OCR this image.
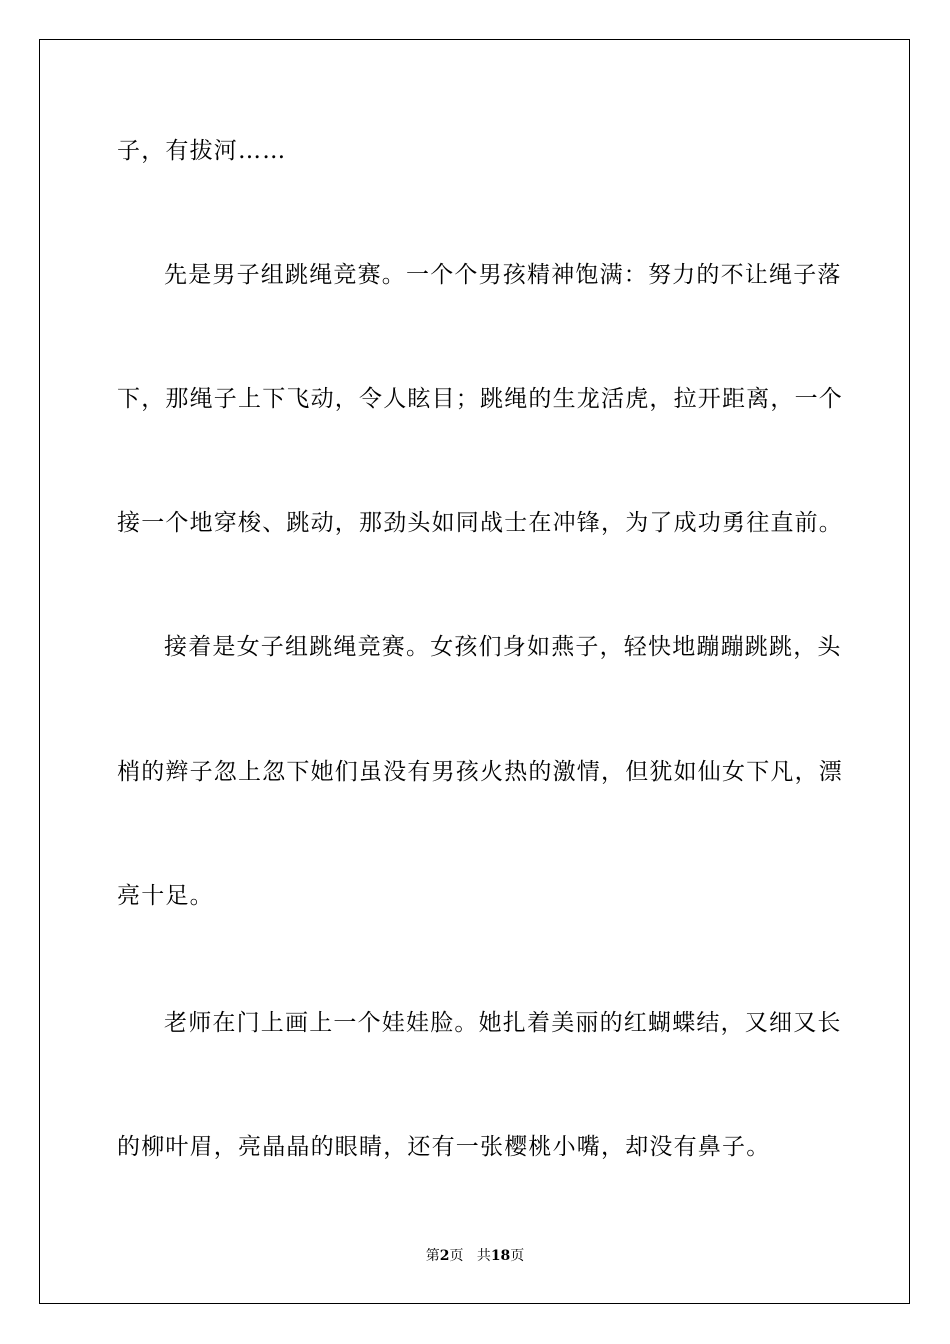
子，有拔河……
先是男子组跳绳竞赛。一个个男孩精神饱满：努力的不让绳子落
下，那绳子上下飞动，令人眩目；跳绳的生龙活虎，拉开距离，一个
接一个地穿梭、跳动，那劲头如同战士在冲锋，为了成功勇往直前。
接着是女子组跳绳竞赛。女孩们身如燕子，轻快地蹦蹦跳跳，头
梢的辫子忽上忽下她们虽没有男孩火热的激情，但犹如仙女下凡，漂
亮十足。
老师在门上画上一个娃娃脸。她扎着美丽的红蝴蝶结，又细又长
的柳叶眉，亮晶晶的眼睛，还有一张樱桃小嘴，却没有鼻子。
第2页 共18页
